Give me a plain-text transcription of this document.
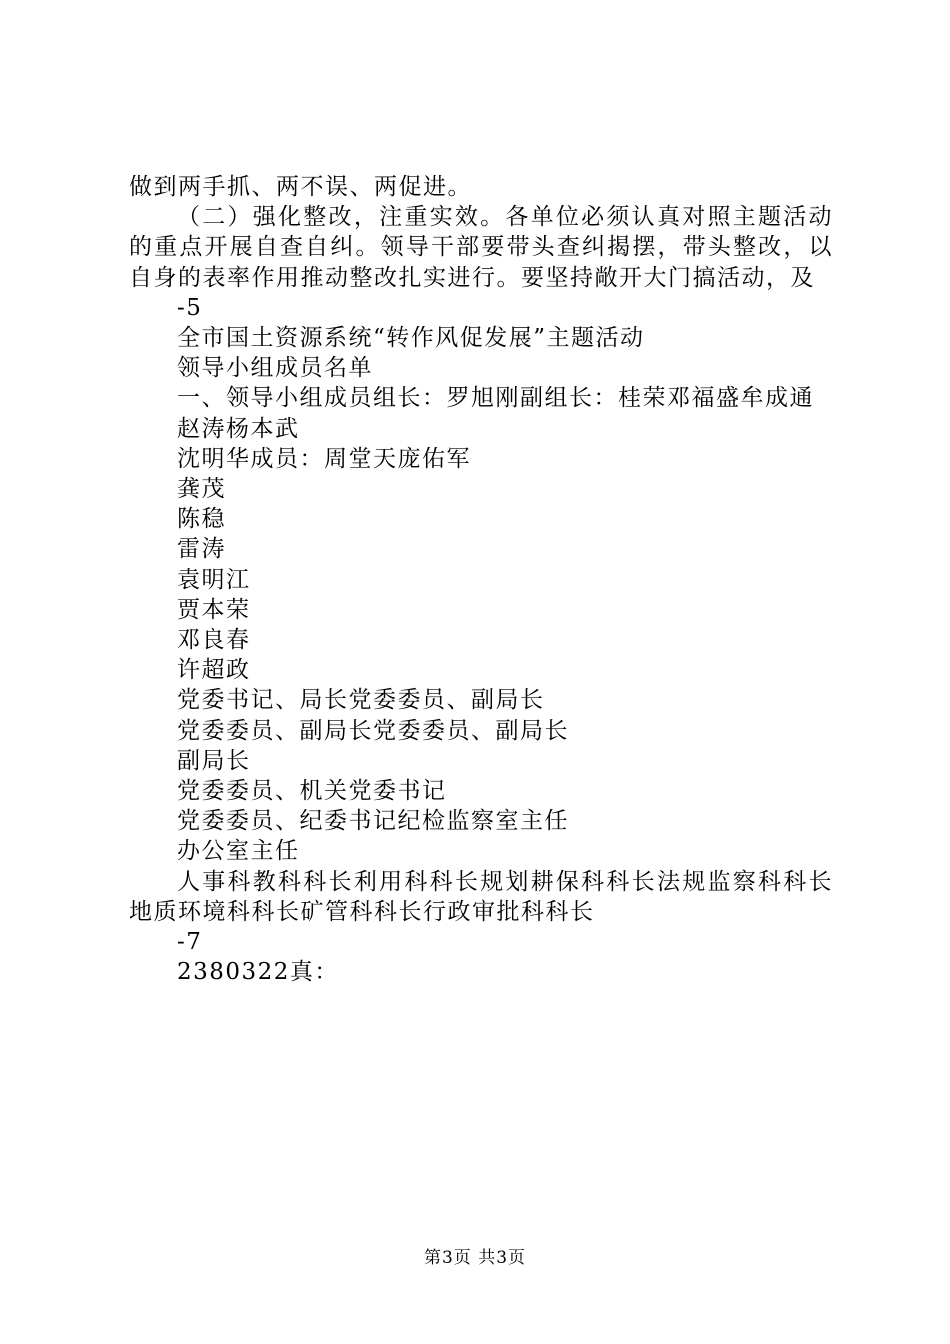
做到两手抓、两不误、两促进。
（二）强化整改，注重实效。各单位必须认真对照主题活动的重点开展自查自纠。领导干部要带头查纠揭摆，带头整改，以自身的表率作用推动整改扎实进行。要坚持敞开大门搞活动，及
-5
全市国土资源系统“转作风促发展”主题活动
领导小组成员名单
一、领导小组成员组长：罗旭刚副组长：桂荣邓福盛牟成通
赵涛杨本武
沈明华成员：周堂天庞佑军
龚茂
陈稳
雷涛
袁明江
贾本荣
邓良春
许超政
党委书记、局长党委委员、副局长
党委委员、副局长党委委员、副局长
副局长
党委委员、机关党委书记
党委委员、纪委书记纪检监察室主任
办公室主任
人事科教科科长利用科科长规划耕保科科长法规监察科科长地质环境科科长矿管科科长行政审批科科长
-7
2380322真：
第3页 共3页
